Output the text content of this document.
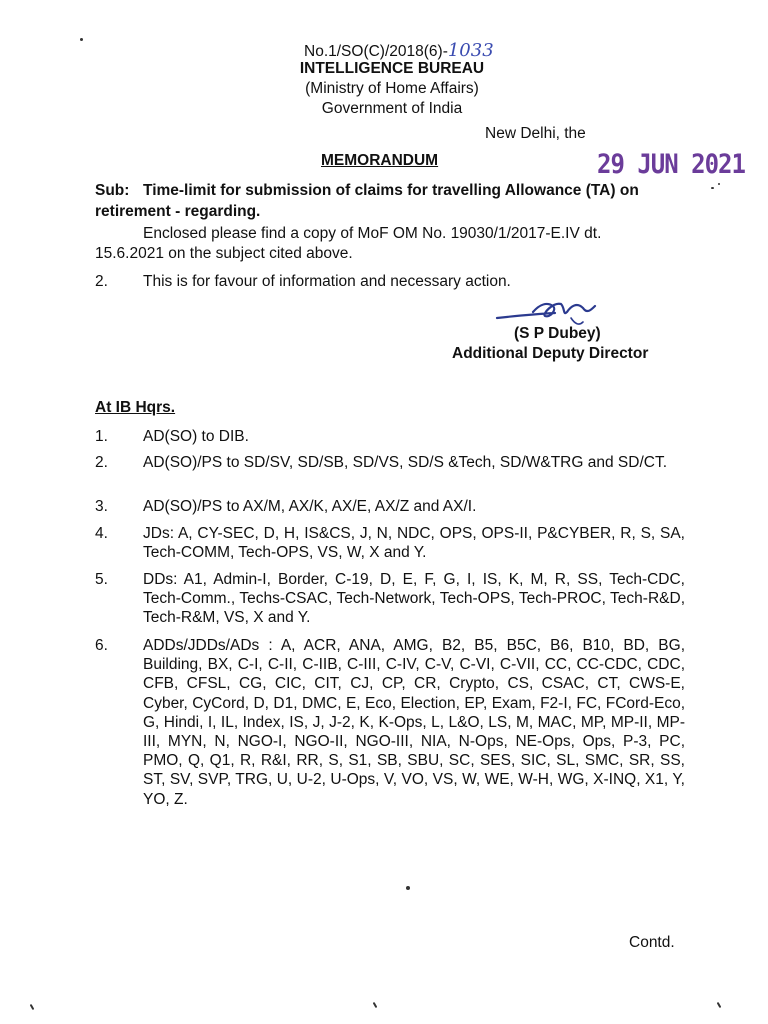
No.1/SO(C)/2018(6)-1033
INTELLIGENCE BUREAU
(Ministry of Home Affairs)
Government of India
New Delhi, the
MEMORANDUM	29 JUN 2021
Sub: Time-limit for submission of claims for travelling Allowance (TA) on retirement - regarding.
Enclosed please find a copy of MoF OM No. 19030/1/2017-E.IV dt.
15.6.2021 on the subject cited above.
2. This is for favour of information and necessary action.
(S P Dubey)
Additional Deputy Director
At IB Hqrs.
1. AD(SO) to DIB.
2. AD(SO)/PS to SD/SV, SD/SB, SD/VS, SD/S &Tech, SD/W&TRG and SD/CT.
3. AD(SO)/PS to AX/M, AX/K, AX/E, AX/Z and AX/I.
4. JDs: A, CY-SEC, D, H, IS&CS, J, N, NDC, OPS, OPS-II, P&CYBER, R, S, SA, Tech-COMM, Tech-OPS, VS, W, X and Y.
5. DDs: A1, Admin-I, Border, C-19, D, E, F, G, I, IS, K, M, R, SS, Tech-CDC, Tech-Comm., Techs-CSAC, Tech-Network, Tech-OPS, Tech-PROC, Tech-R&D, Tech-R&M, VS, X and Y.
6. ADDs/JDDs/ADs : A, ACR, ANA, AMG, B2, B5, B5C, B6, B10, BD, BG, Building, BX, C-I, C-II, C-IIB, C-III, C-IV, C-V, C-VI, C-VII, CC, CC-CDC, CDC, CFB, CFSL, CG, CIC, CIT, CJ, CP, CR, Crypto, CS, CSAC, CT, CWS-E, Cyber, CyCord, D, D1, DMC, E, Eco, Election, EP, Exam, F2-I, FC, FCord-Eco, G, Hindi, I, IL, Index, IS, J, J-2, K, K-Ops, L, L&O, LS, M, MAC, MP, MP-II, MP-III, MYN, N, NGO-I, NGO-II, NGO-III, NIA, N-Ops, NE-Ops, Ops, P-3, PC, PMO, Q, Q1, R, R&I, RR, S, S1, SB, SBU, SC, SES, SIC, SL, SMC, SR, SS, ST, SV, SVP, TRG, U, U-2, U-Ops, V, VO, VS, W, WE, W-H, WG, X-INQ, X1, Y, YO, Z.
Contd.
